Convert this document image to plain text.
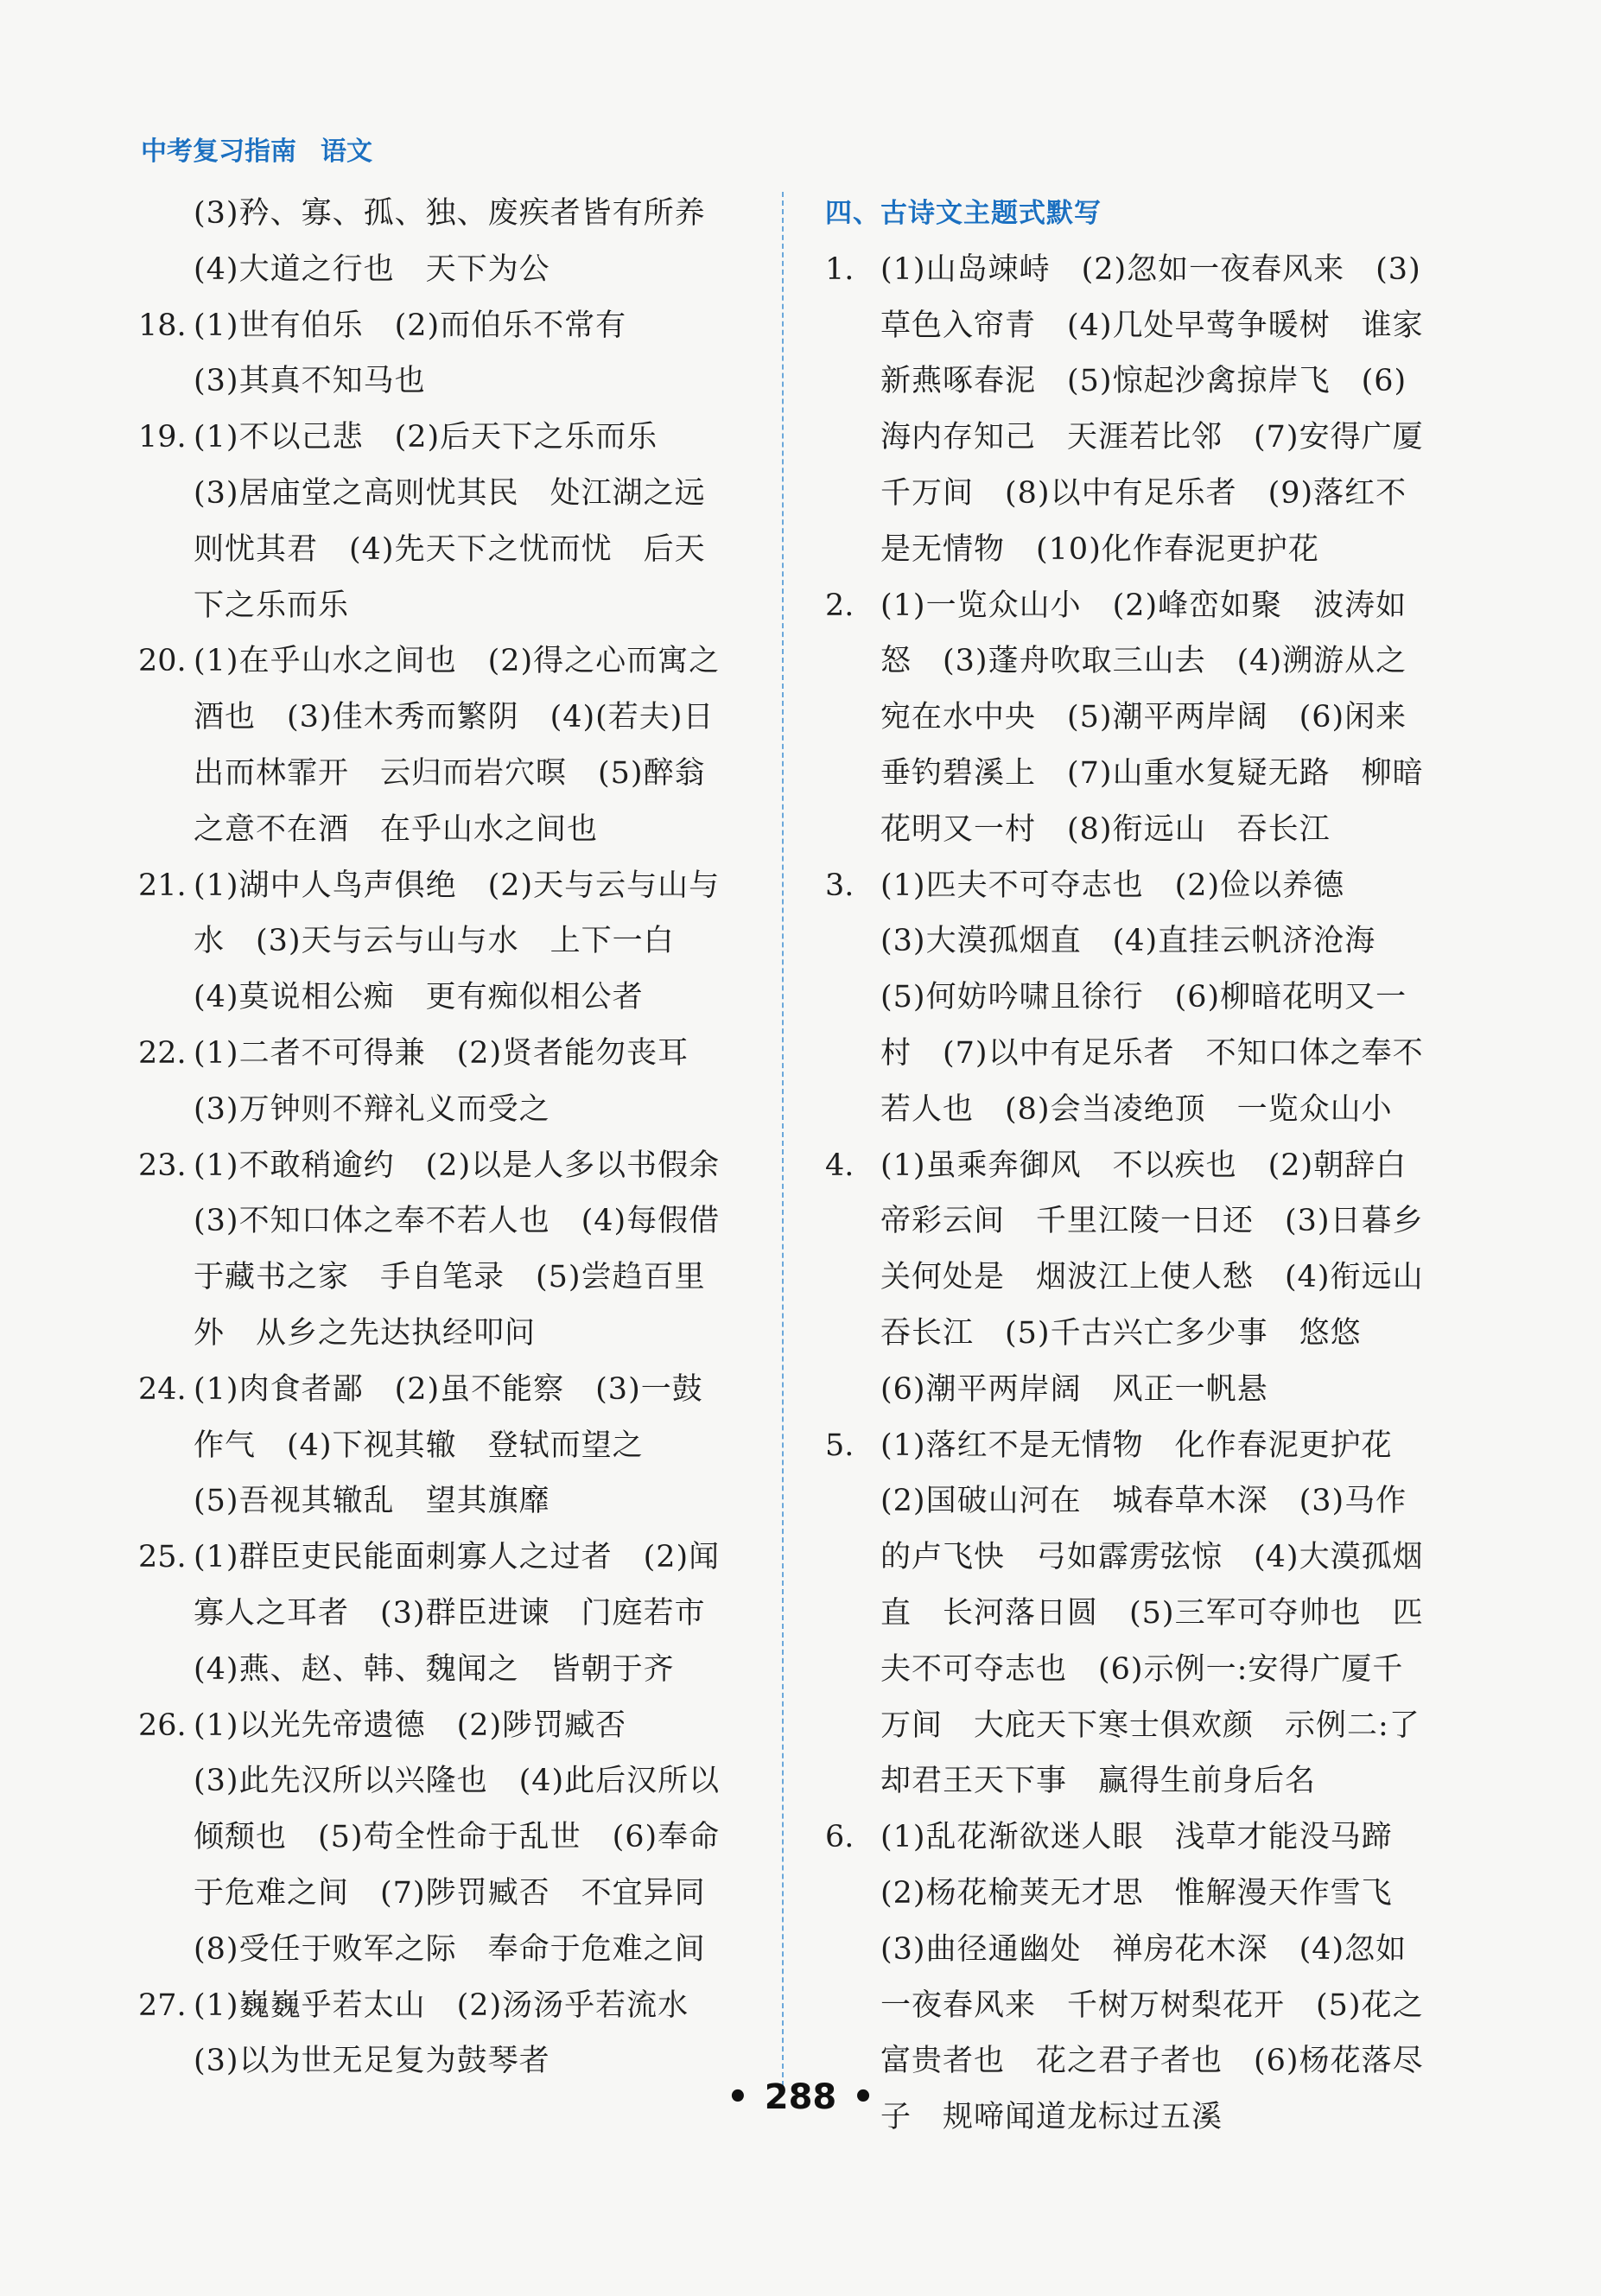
中考复习指南 语文
(3)矜、寡、孤、独、废疾者皆有所养
(4)大道之行也　天下为公
18. (1)世有伯乐　(2)而伯乐不常有
(3)其真不知马也
19. (1)不以己悲　(2)后天下之乐而乐
(3)居庙堂之高则忧其民　处江湖之远
则忧其君　(4)先天下之忧而忧　后天
下之乐而乐
20. (1)在乎山水之间也　(2)得之心而寓之
酒也　(3)佳木秀而繁阴　(4)(若夫)日
出而林霏开　云归而岩穴暝　(5)醉翁
之意不在酒　在乎山水之间也
21. (1)湖中人鸟声俱绝　(2)天与云与山与
水　(3)天与云与山与水　上下一白
(4)莫说相公痴　更有痴似相公者
22. (1)二者不可得兼　(2)贤者能勿丧耳
(3)万钟则不辩礼义而受之
23. (1)不敢稍逾约　(2)以是人多以书假余
(3)不知口体之奉不若人也　(4)每假借
于藏书之家　手自笔录　(5)尝趋百里
外　从乡之先达执经叩问
24. (1)肉食者鄙　(2)虽不能察　(3)一鼓
作气　(4)下视其辙　登轼而望之
(5)吾视其辙乱　望其旗靡
25. (1)群臣吏民能面刺寡人之过者　(2)闻
寡人之耳者　(3)群臣进谏　门庭若市
(4)燕、赵、韩、魏闻之　皆朝于齐
26. (1)以光先帝遗德　(2)陟罚臧否
(3)此先汉所以兴隆也　(4)此后汉所以
倾颓也　(5)苟全性命于乱世　(6)奉命
于危难之间　(7)陟罚臧否　不宜异同
(8)受任于败军之际　奉命于危难之间
27. (1)巍巍乎若太山　(2)汤汤乎若流水
(3)以为世无足复为鼓琴者
四、古诗文主题式默写
1. (1)山岛竦峙　(2)忽如一夜春风来　(3)
草色入帘青　(4)几处早莺争暖树　谁家
新燕啄春泥　(5)惊起沙禽掠岸飞　(6)
海内存知己　天涯若比邻　(7)安得广厦
千万间　(8)以中有足乐者　(9)落红不
是无情物　(10)化作春泥更护花
2. (1)一览众山小　(2)峰峦如聚　波涛如
怒　(3)蓬舟吹取三山去　(4)溯游从之
宛在水中央　(5)潮平两岸阔　(6)闲来
垂钓碧溪上　(7)山重水复疑无路　柳暗
花明又一村　(8)衔远山　吞长江
3. (1)匹夫不可夺志也　(2)俭以养德
(3)大漠孤烟直　(4)直挂云帆济沧海
(5)何妨吟啸且徐行　(6)柳暗花明又一
村　(7)以中有足乐者　不知口体之奉不
若人也　(8)会当凌绝顶　一览众山小
4. (1)虽乘奔御风　不以疾也　(2)朝辞白
帝彩云间　千里江陵一日还　(3)日暮乡
关何处是　烟波江上使人愁　(4)衔远山
吞长江　(5)千古兴亡多少事　悠悠
(6)潮平两岸阔　风正一帆悬
5. (1)落红不是无情物　化作春泥更护花
(2)国破山河在　城春草木深　(3)马作
的卢飞快　弓如霹雳弦惊　(4)大漠孤烟
直　长河落日圆　(5)三军可夺帅也　匹
夫不可夺志也　(6)示例一:安得广厦千
万间　大庇天下寒士俱欢颜　示例二:了
却君王天下事　赢得生前身后名
6. (1)乱花渐欲迷人眼　浅草才能没马蹄
(2)杨花榆荚无才思　惟解漫天作雪飞
(3)曲径通幽处　禅房花木深　(4)忽如
一夜春风来　千树万树梨花开　(5)花之
富贵者也　花之君子者也　(6)杨花落尽
子　规啼闻道龙标过五溪
• 288 •
